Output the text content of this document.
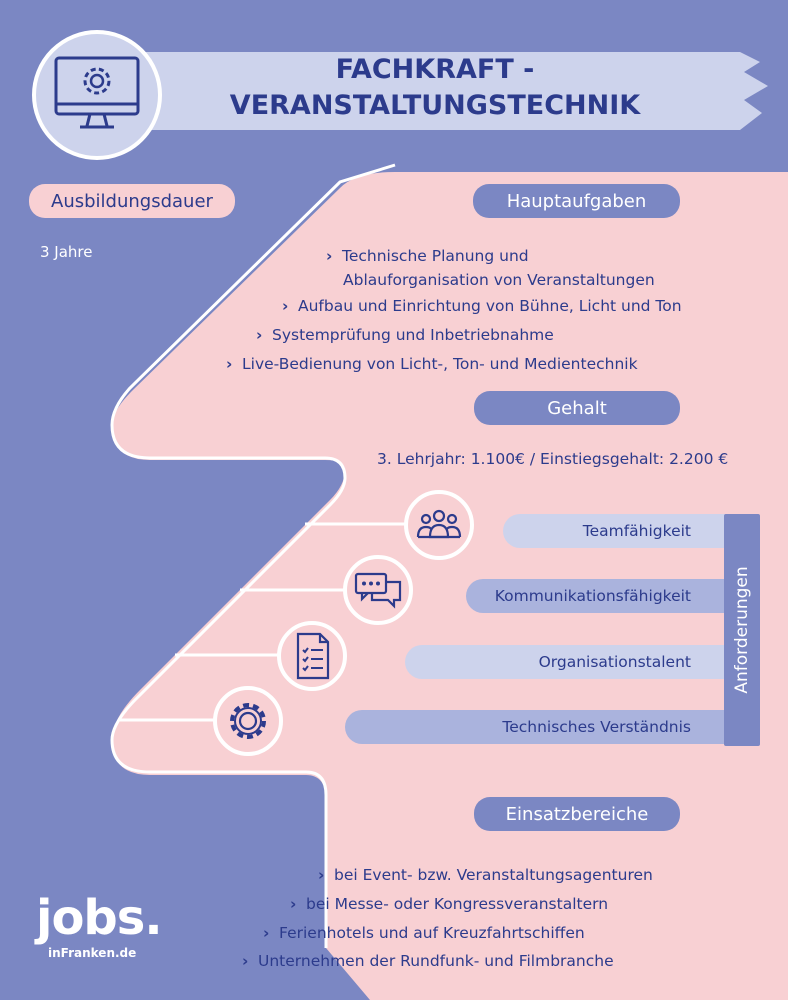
FACHKRAFT -
VERANSTALTUNGSTECHNIK
Ausbildungsdauer
3 Jahre
Hauptaufgaben
› Technische Planung und
Ablauforganisation von Veranstaltungen
› Aufbau und Einrichtung von Bühne, Licht und Ton
› Systemprüfung und Inbetriebnahme
› Live-Bedienung von Licht-, Ton- und Medientechnik
Gehalt
3. Lehrjahr: 1.100€ / Einstiegsgehalt: 2.200 €
Teamfähigkeit
Kommunikationsfähigkeit
Organisationstalent
Technisches Verständnis
Anforderungen
Einsatzbereiche
› bei Event- bzw. Veranstaltungsagenturen
› bei Messe- oder Kongressveranstaltern
› Ferienhotels und auf Kreuzfahrtschiffen
› Unternehmen der Rundfunk- und Filmbranche
jobs.
inFranken.de
